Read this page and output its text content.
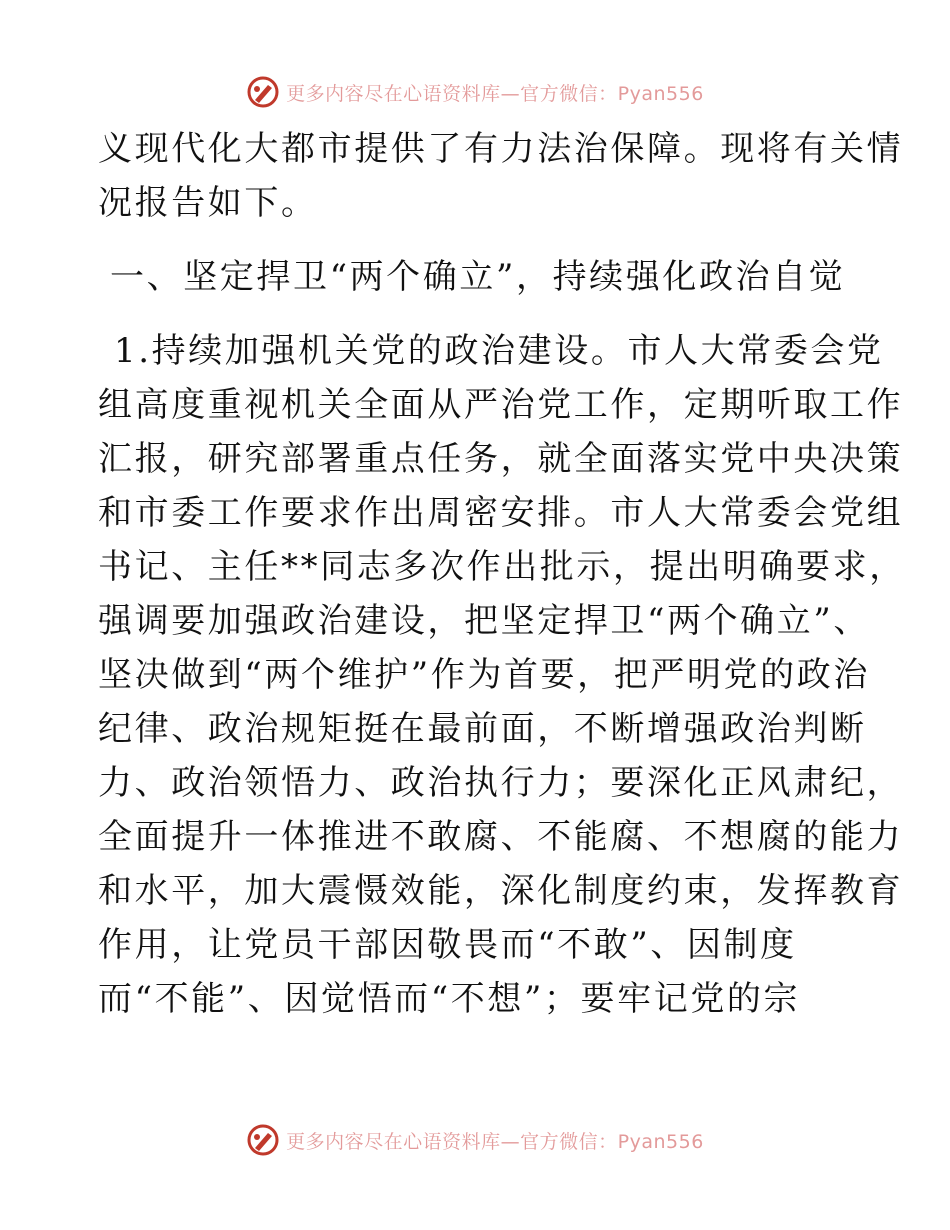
更多内容尽在心语资料库—官方微信：Pyan556
义现代化大都市提供了有力法治保障。现将有关情
况报告如下。
一、坚定捍卫“两个确立”，持续强化政治自觉
1.持续加强机关党的政治建设。市人大常委会党
组高度重视机关全面从严治党工作，定期听取工作
汇报，研究部署重点任务，就全面落实党中央决策
和市委工作要求作出周密安排。市人大常委会党组
书记、主任**同志多次作出批示，提出明确要求，
强调要加强政治建设，把坚定捍卫“两个确立”、
坚决做到“两个维护”作为首要，把严明党的政治
纪律、政治规矩挺在最前面，不断增强政治判断
力、政治领悟力、政治执行力；要深化正风肃纪，
全面提升一体推进不敢腐、不能腐、不想腐的能力
和水平，加大震慑效能，深化制度约束，发挥教育
作用，让党员干部因敬畏而“不敢”、因制度
而“不能”、因觉悟而“不想”；要牢记党的宗
更多内容尽在心语资料库—官方微信：Pyan556
